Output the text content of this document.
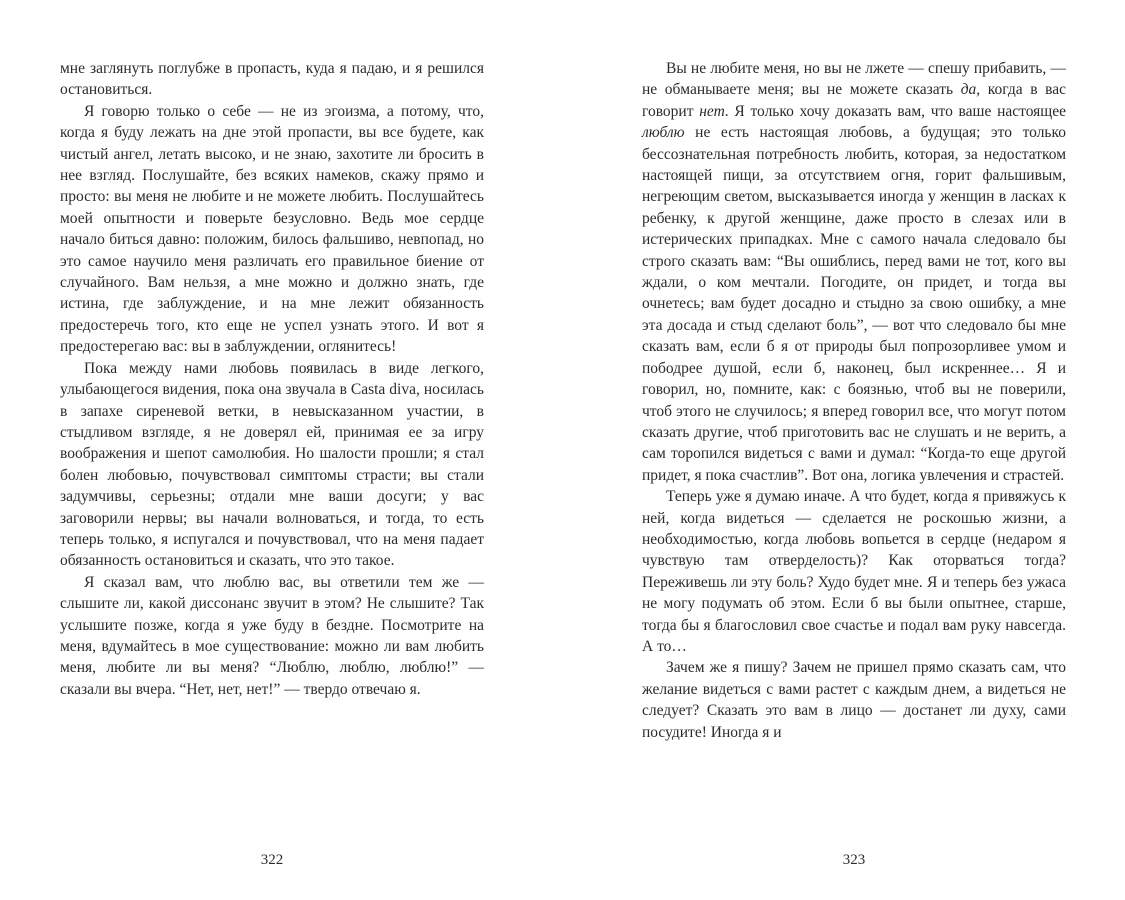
мне заглянуть поглубже в пропасть, куда я падаю, и я решился остановиться.

Я говорю только о себе — не из эгоизма, а потому, что, когда я буду лежать на дне этой пропасти, вы все будете, как чистый ангел, летать высоко, и не знаю, захотите ли бросить в нее взгляд. Послушайте, без всяких намеков, скажу прямо и просто: вы меня не любите и не можете любить. Послушайтесь моей опытности и поверьте безусловно. Ведь мое сердце начало биться давно: положим, билось фальшиво, невпопад, но это самое научило меня различать его правильное биение от случайного. Вам нельзя, а мне можно и должно знать, где истина, где заблуждение, и на мне лежит обязанность предостеречь того, кто еще не успел узнать этого. И вот я предостерегаю вас: вы в заблуждении, оглянитесь!

Пока между нами любовь появилась в виде легкого, улыбающегося видения, пока она звучала в Casta diva, носилась в запахе сиреневой ветки, в невысказанном участии, в стыдливом взгляде, я не доверял ей, принимая ее за игру воображения и шепот самолюбия. Но шалости прошли; я стал болен любовью, почувствовал симптомы страсти; вы стали задумчивы, серьезны; отдали мне ваши досуги; у вас заговорили нервы; вы начали волноваться, и тогда, то есть теперь только, я испугался и почувствовал, что на меня падает обязанность остановиться и сказать, что это такое.

Я сказал вам, что люблю вас, вы ответили тем же — слышите ли, какой диссонанс звучит в этом? Не слышите? Так услышите позже, когда я уже буду в бездне. Посмотрите на меня, вдумайтесь в мое существование: можно ли вам любить меня, любите ли вы меня? “Люблю, люблю, люблю!” — сказали вы вчера. “Нет, нет, нет!” — твердо отвечаю я.

Вы не любите меня, но вы не лжете — спешу прибавить, — не обманываете меня; вы не можете сказать да, когда в вас говорит нет. Я только хочу доказать вам, что ваше настоящее люблю не есть настоящая любовь, а будущая; это только бессознательная потребность любить, которая, за недостатком настоящей пищи, за отсутствием огня, горит фальшивым, негреющим светом, высказывается иногда у женщин в ласках к ребенку, к другой женщине, даже просто в слезах или в истерических припадках. Мне с самого начала следовало бы строго сказать вам: “Вы ошиблись, перед вами не тот, кого вы ждали, о ком мечтали. Погодите, он придет, и тогда вы очнетесь; вам будет досадно и стыдно за свою ошибку, а мне эта досада и стыд сделают боль”, — вот что следовало бы мне сказать вам, если б я от природы был попрозорливее умом и пободрее душой, если б, наконец, был искреннее… Я и говорил, но, помните, как: с боязнью, чтоб вы не поверили, чтоб этого не случилось; я вперед говорил все, что могут потом сказать другие, чтоб приготовить вас не слушать и не верить, а сам торопился видеться с вами и думал: “Когда-то еще другой придет, я пока счастлив”. Вот она, логика увлечения и страстей.

Теперь уже я думаю иначе. А что будет, когда я привяжусь к ней, когда видеться — сделается не роскошью жизни, а необходимостью, когда любовь вопьется в сердце (недаром я чувствую там отверделость)? Как оторваться тогда? Переживешь ли эту боль? Худо будет мне. Я и теперь без ужаса не могу подумать об этом. Если б вы были опытнее, старше, тогда бы я благословил свое счастье и подал вам руку навсегда. А то…

Зачем же я пишу? Зачем не пришел прямо сказать сам, что желание видеться с вами растет с каждым днем, а видеться не следует? Сказать это вам в лицо — достанет ли духу, сами посудите! Иногда я и

322	323
